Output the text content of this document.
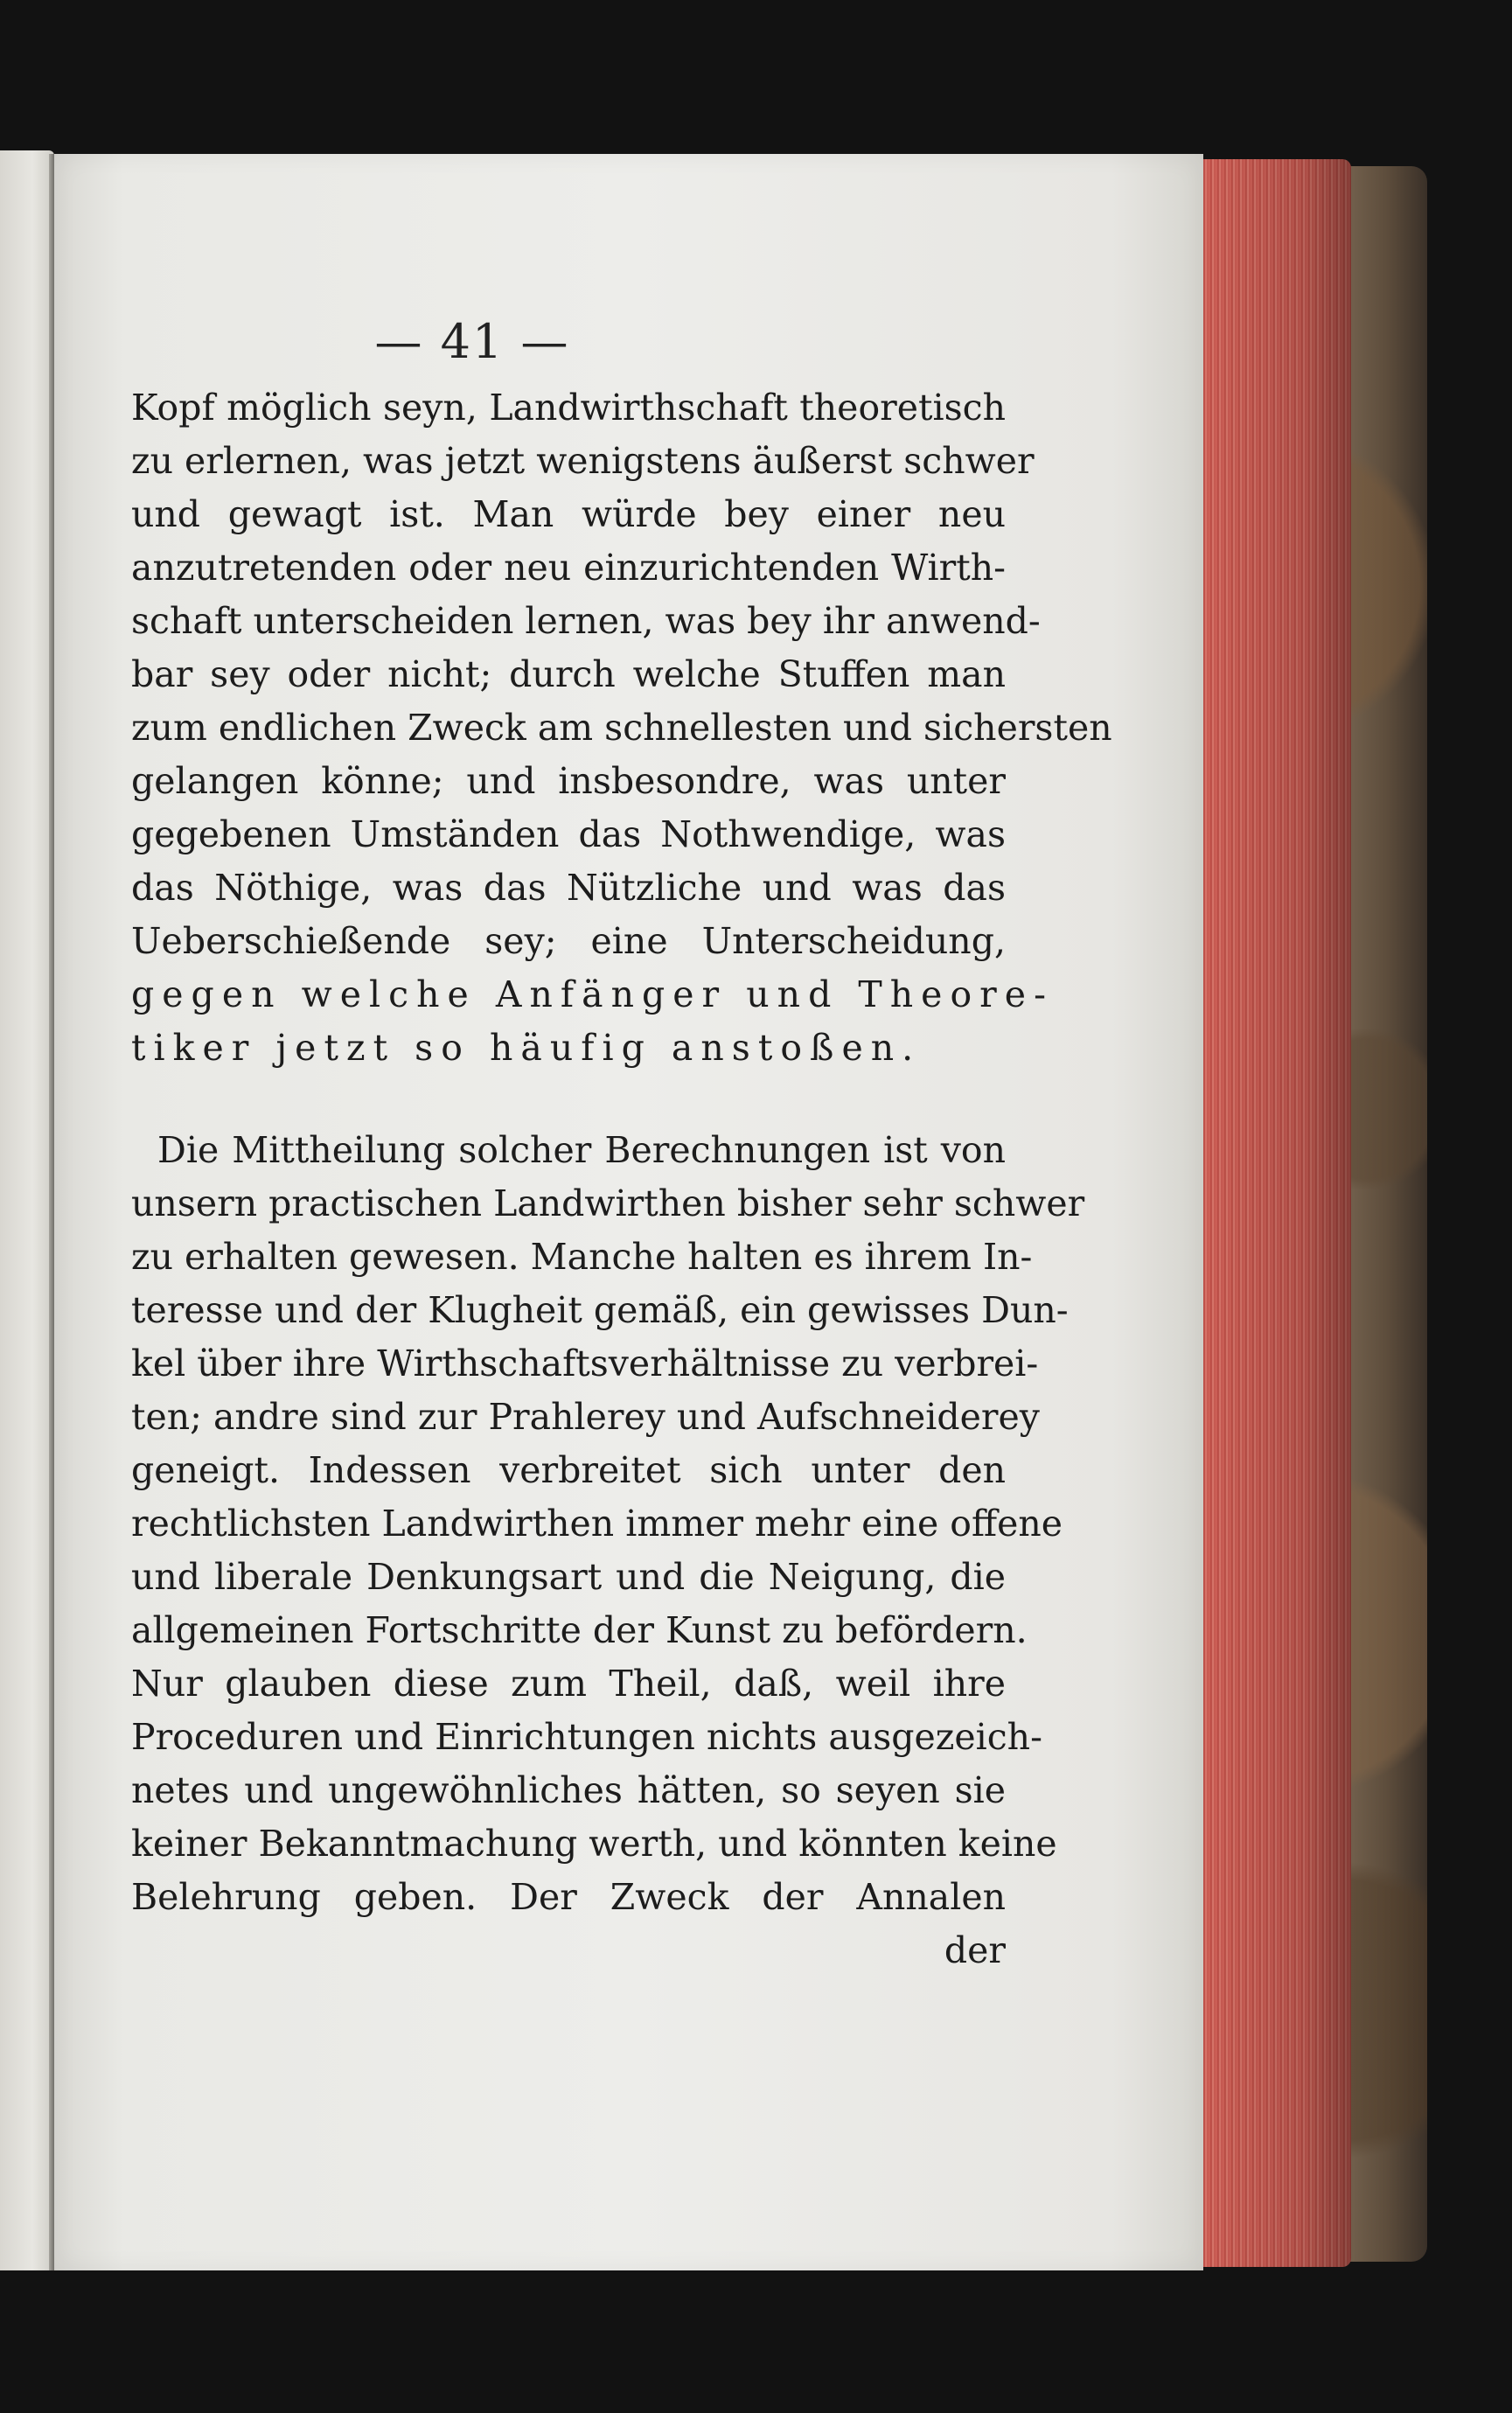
— 41 —
Kopf möglich seyn, Landwirthschaft theoretisch
zu erlernen, was jetzt wenigstens äußerst schwer
und gewagt ist. Man würde bey einer neu
anzutretenden oder neu einzurichtenden Wirth-
schaft unterscheiden lernen, was bey ihr anwend-
bar sey oder nicht; durch welche Stuffen man
zum endlichen Zweck am schnellesten und sichersten
gelangen könne; und insbesondre, was unter
gegebenen Umständen das Nothwendige, was
das Nöthige, was das Nützliche und was das
Ueberschießende sey; eine Unterscheidung,
gegen welche Anfänger und Theore-
tiker jetzt so häufig anstoßen.
Die Mittheilung solcher Berechnungen ist von
unsern practischen Landwirthen bisher sehr schwer
zu erhalten gewesen. Manche halten es ihrem In-
teresse und der Klugheit gemäß, ein gewisses Dun-
kel über ihre Wirthschaftsverhältnisse zu verbrei-
ten; andre sind zur Prahlerey und Aufschneiderey
geneigt. Indessen verbreitet sich unter den
rechtlichsten Landwirthen immer mehr eine offene
und liberale Denkungsart und die Neigung, die
allgemeinen Fortschritte der Kunst zu befördern.
Nur glauben diese zum Theil, daß, weil ihre
Proceduren und Einrichtungen nichts ausgezeich-
netes und ungewöhnliches hätten, so seyen sie
keiner Bekanntmachung werth, und könnten keine
Belehrung geben. Der Zweck der Annalen
der
